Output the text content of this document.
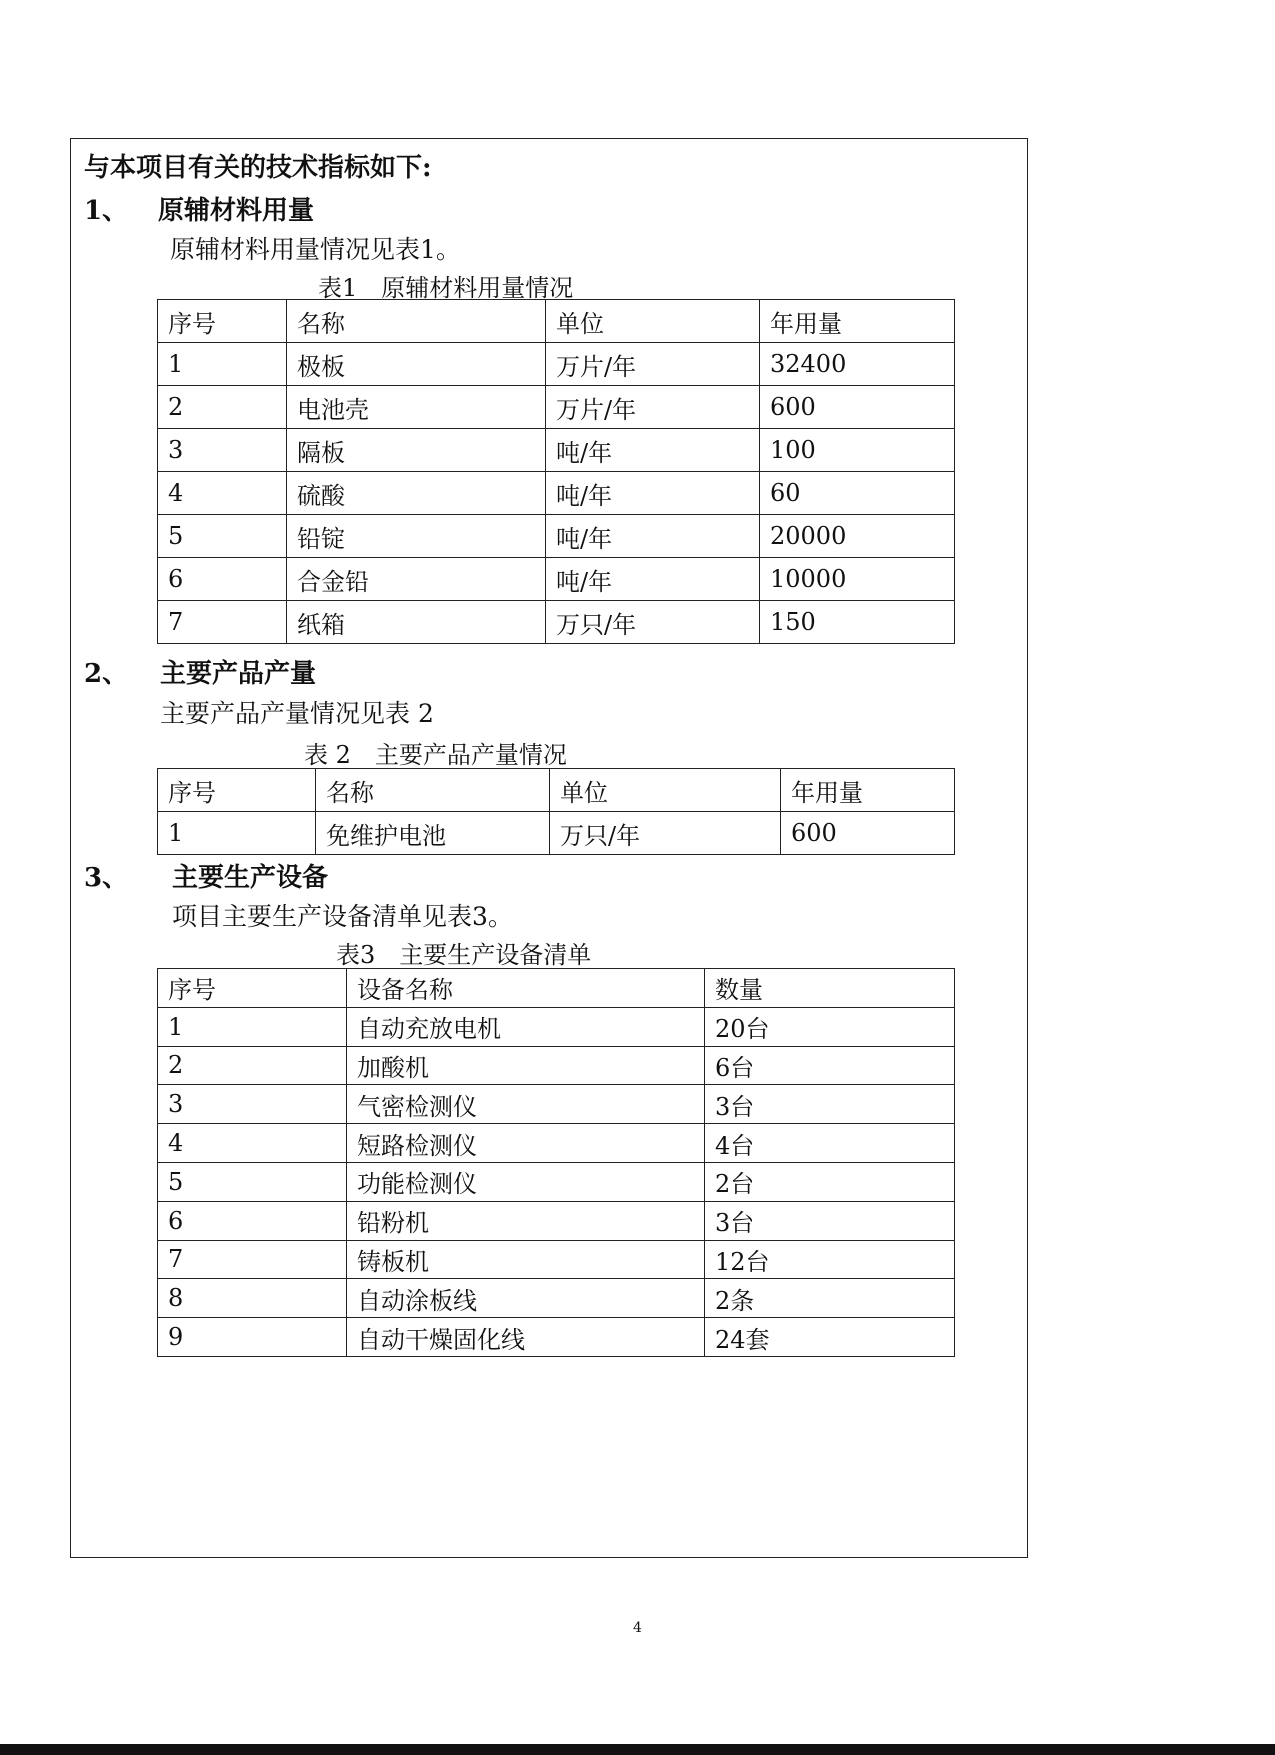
与本项目有关的技术指标如下:
1、 原辅材料用量
原辅材料用量情况见表1。
表1　原辅材料用量情况
序号	名称	单位	年用量
1	极板	万片/年	32400
2	电池壳	万片/年	600
3	隔板	吨/年	100
4	硫酸	吨/年	60
5	铅锭	吨/年	20000
6	合金铅	吨/年	10000
7	纸箱	万只/年	150
2、 主要产品产量
主要产品产量情况见表 2
表 2　主要产品产量情况
序号	名称	单位	年用量
1	免维护电池	万只/年	600
3、 主要生产设备
项目主要生产设备清单见表3。
表3　主要生产设备清单
序号	设备名称	数量
1	自动充放电机	20台
2	加酸机	6台
3	气密检测仪	3台
4	短路检测仪	4台
5	功能检测仪	2台
6	铅粉机	3台
7	铸板机	12台
8	自动涂板线	2条
9	自动干燥固化线	24套
4
